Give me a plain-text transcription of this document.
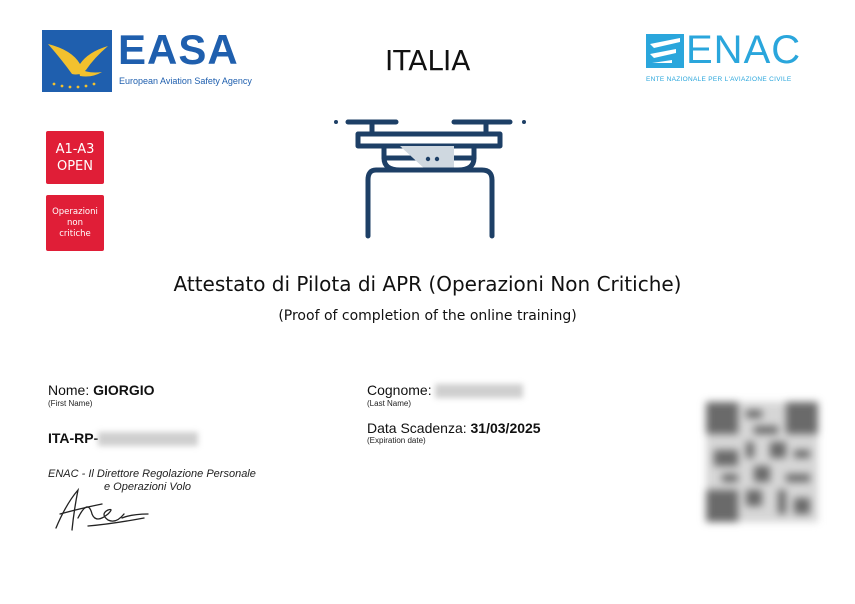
EASA
European Aviation Safety Agency
ITALIA	ENAC
ENTE NAZIONALE PER L'AVIAZIONE CIVILE
A1-A3
OPEN
Operazioni
non
critiche
Attestato di Pilota di APR (Operazioni Non Critiche)
(Proof of completion of the online training)
Nome: GIORGIO
(First Name)
Cognome:
(Last Name)
ITA-RP-
Data Scadenza: 31/03/2025
(Expiration date)
ENAC - Il Direttore Regolazione Personale
e Operazioni Volo
